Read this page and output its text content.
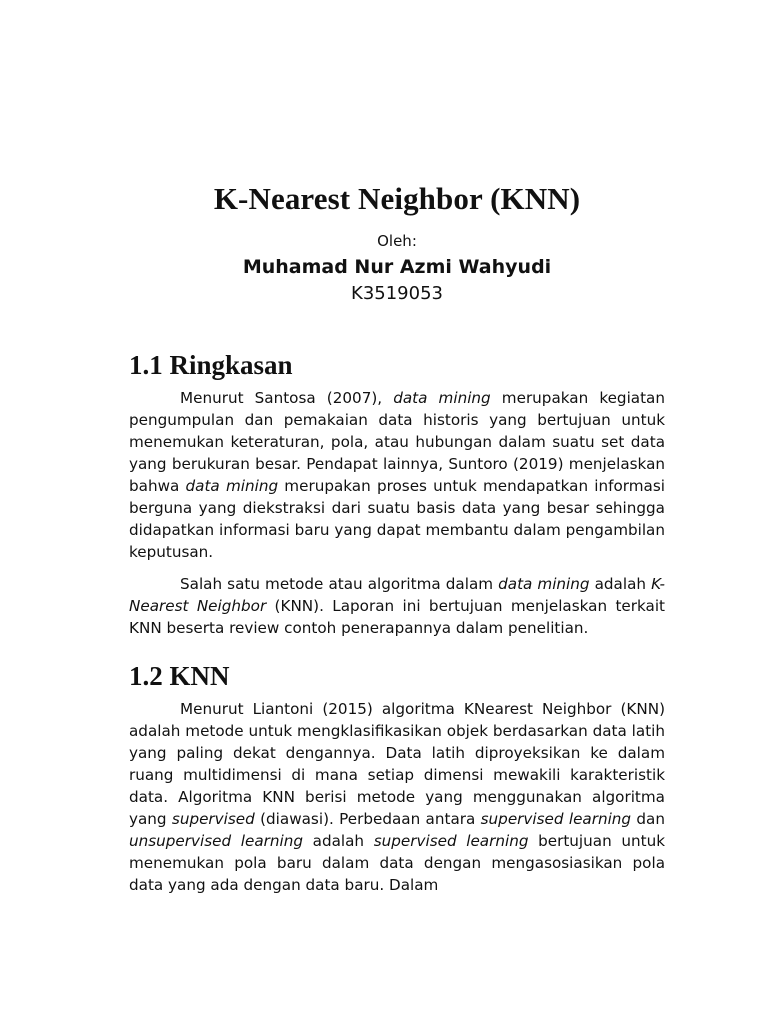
K-Nearest Neighbor (KNN)

Oleh:

Muhamad Nur Azmi Wahyudi

K3519053

1.1 Ringkasan

Menurut Santosa (2007), data mining merupakan kegiatan pengumpulan dan pemakaian data historis yang bertujuan untuk menemukan keteraturan, pola, atau hubungan dalam suatu set data yang berukuran besar. Pendapat lainnya, Suntoro (2019) menjelaskan bahwa data mining merupakan proses untuk mendapatkan informasi berguna yang diekstraksi dari suatu basis data yang besar sehingga didapatkan informasi baru yang dapat membantu dalam pengambilan keputusan.

Salah satu metode atau algoritma dalam data mining adalah K-Nearest Neighbor (KNN). Laporan ini bertujuan menjelaskan terkait KNN beserta review contoh penerapannya dalam penelitian.

1.2 KNN

Menurut Liantoni (2015) algoritma KNearest Neighbor (KNN) adalah metode untuk mengklasifikasikan objek berdasarkan data latih yang paling dekat dengannya. Data latih diproyeksikan ke dalam ruang multidimensi di mana setiap dimensi mewakili karakteristik data. Algoritma KNN berisi metode yang menggunakan algoritma yang supervised (diawasi). Perbedaan antara supervised learning dan unsupervised learning adalah supervised learning bertujuan untuk menemukan pola baru dalam data dengan mengasosiasikan pola data yang ada dengan data baru. Dalam
